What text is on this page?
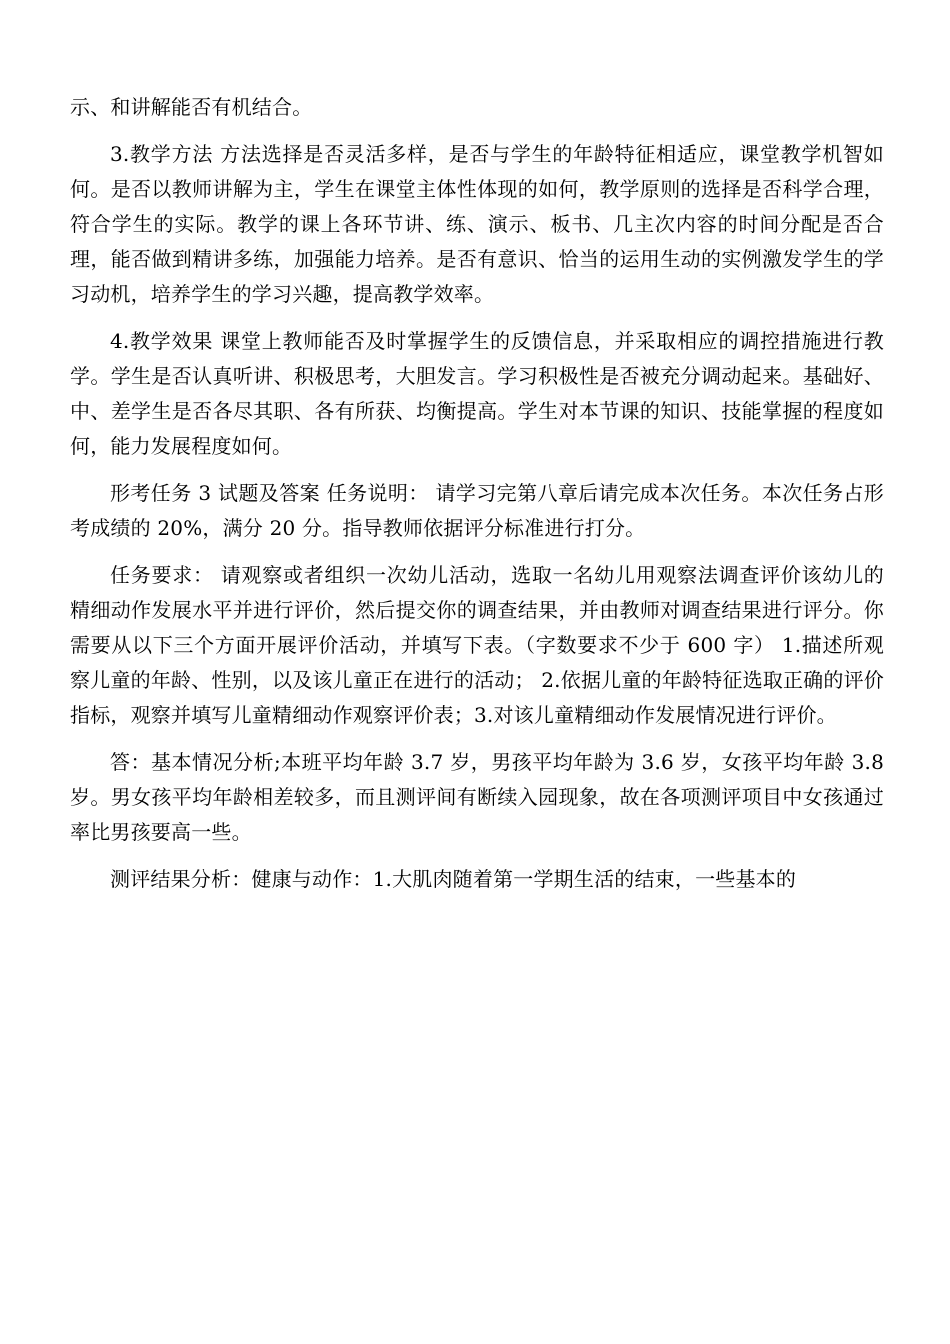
示、和讲解能否有机结合。

3.教学方法 方法选择是否灵活多样，是否与学生的年龄特征相适应，课堂教学机智如何。是否以教师讲解为主，学生在课堂主体性体现的如何，教学原则的选择是否科学合理，符合学生的实际。教学的课上各环节讲、练、演示、板书、几主次内容的时间分配是否合理，能否做到精讲多练，加强能力培养。是否有意识、恰当的运用生动的实例激发学生的学习动机，培养学生的学习兴趣，提高教学效率。

4.教学效果 课堂上教师能否及时掌握学生的反馈信息，并采取相应的调控措施进行教学。学生是否认真听讲、积极思考，大胆发言。学习积极性是否被充分调动起来。基础好、中、差学生是否各尽其职、各有所获、均衡提高。学生对本节课的知识、技能掌握的程度如何，能力发展程度如何。

形考任务 3 试题及答案 任务说明： 请学习完第八章后请完成本次任务。本次任务占形考成绩的 20%，满分 20 分。指导教师依据评分标准进行打分。

任务要求： 请观察或者组织一次幼儿活动，选取一名幼儿用观察法调查评价该幼儿的精细动作发展水平并进行评价，然后提交你的调查结果，并由教师对调查结果进行评分。你需要从以下三个方面开展评价活动，并填写下表。（字数要求不少于 600 字） 1.描述所观察儿童的年龄、性别，以及该儿童正在进行的活动； 2.依据儿童的年龄特征选取正确的评价指标，观察并填写儿童精细动作观察评价表；3.对该儿童精细动作发展情况进行评价。

答：基本情况分析;本班平均年龄 3.7 岁，男孩平均年龄为 3.6 岁，女孩平均年龄 3.8 岁。男女孩平均年龄相差较多，而且测评间有断续入园现象，故在各项测评项目中女孩通过率比男孩要高一些。

测评结果分析：健康与动作：1.大肌肉随着第一学期生活的结束，一些基本的
